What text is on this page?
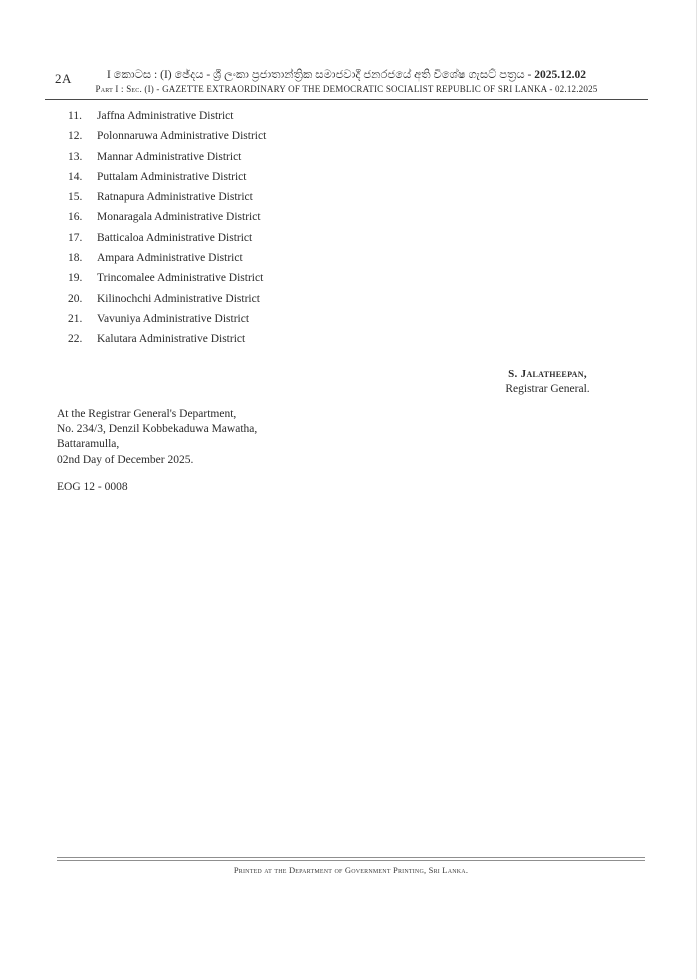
2A	I කොටස : (I) ඡේදය - ශ්‍රී ලංකා ප්‍රජාතාන්ත්‍රික සමාජවාදී ජනරජයේ අති විශේෂ ගැසට් පත්‍රය - 2025.12.02
Part I : Sec. (I) - GAZETTE EXTRAORDINARY OF THE DEMOCRATIC SOCIALIST REPUBLIC OF SRI LANKA - 02.12.2025
11.	Jaffna Administrative District
12.	Polonnaruwa Administrative District
13.	Mannar Administrative District
14.	Puttalam Administrative District
15.	Ratnapura Administrative District
16.	Monaragala Administrative District
17.	Batticaloa Administrative District
18.	Ampara Administrative District
19.	Trincomalee Administrative District
20.	Kilinochchi Administrative District
21.	Vavuniya Administrative District
22.	Kalutara Administrative District
S. Jalatheepan,
Registrar General.
At the Registrar General's Department,
No. 234/3, Denzil Kobbekaduwa Mawatha,
Battaramulla,
02nd Day of December 2025.
EOG 12 - 0008
Printed at the Department of Government Printing, Sri Lanka.
